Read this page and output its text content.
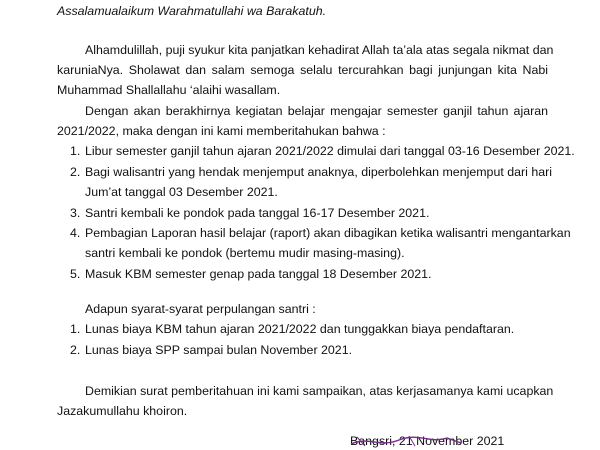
Assalamualaikum Warahmatullahi wa Barakatuh.
Alhamdulillah, puji syukur kita panjatkan kehadirat Allah ta’ala atas segala nikmat dan
karuniaNya. Sholawat dan salam semoga selalu tercurahkan bagi junjungan kita Nabi
Muhammad Shallallahu ‘alaihi wasallam.
Dengan akan berakhirnya kegiatan belajar mengajar semester ganjil tahun ajaran
2021/2022, maka dengan ini kami memberitahukan bahwa :
1. Libur semester ganjil tahun ajaran 2021/2022 dimulai dari tanggal 03-16 Desember 2021.
2. Bagi walisantri yang hendak menjemput anaknya, diperbolehkan menjemput dari hari
Jum’at tanggal 03 Desember 2021.
3. Santri kembali ke pondok pada tanggal 16-17 Desember 2021.
4. Pembagian Laporan hasil belajar (raport) akan dibagikan ketika walisantri mengantarkan
santri kembali ke pondok (bertemu mudir masing-masing).
5. Masuk KBM semester genap pada tanggal 18 Desember 2021.
Adapun syarat-syarat perpulangan santri :
1. Lunas biaya KBM tahun ajaran 2021/2022 dan tunggakkan biaya pendaftaran.
2. Lunas biaya SPP sampai bulan November 2021.
Demikian surat pemberitahuan ini kami sampaikan, atas kerjasamanya kami ucapkan
Jazakumullahu khoiron.
Bangsri, 21 November 2021
